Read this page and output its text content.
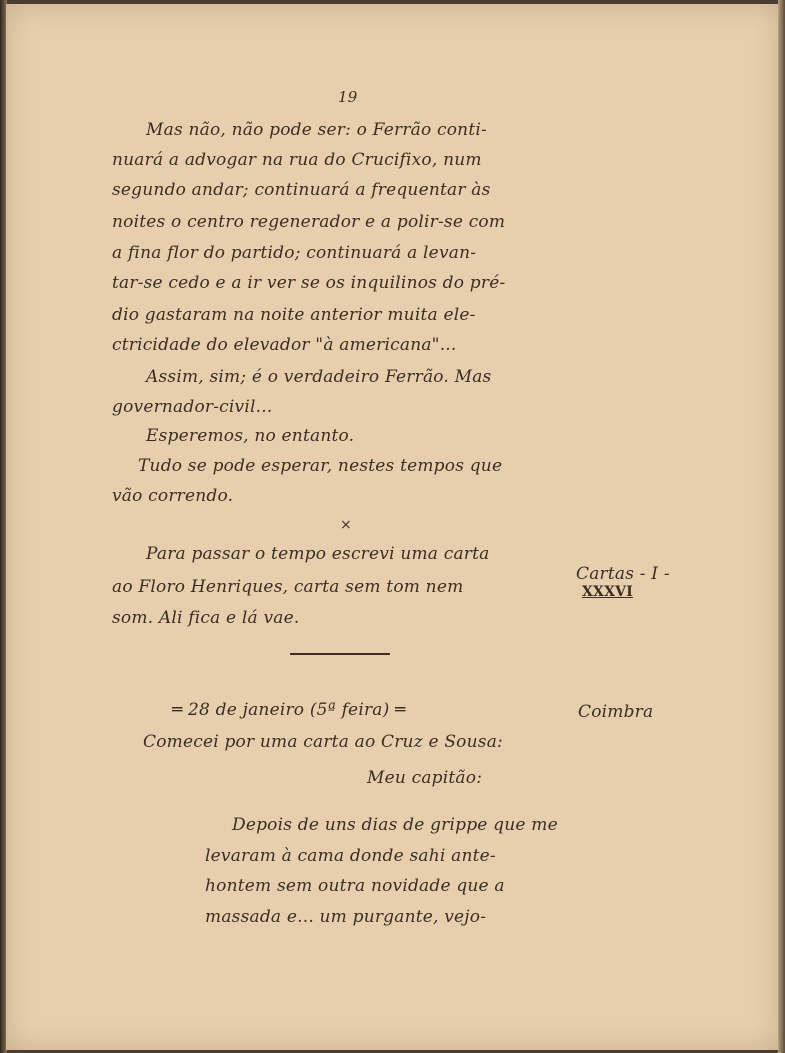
19
Mas não, não pode ser: o Ferrão conti-
nuará a advogar na rua do Crucifixo, num
segundo andar; continuará a frequentar às
noites o centro regenerador e a polir-se com
a fina flor do partido; continuará a levan-
tar-se cedo e a ir ver se os inquilinos do pré-
dio gastaram na noite anterior muita ele-
ctricidade do elevador "à americana"...
Assim, sim; é o verdadeiro Ferrão. Mas
governador-civil...
Esperemos, no entanto.
Tudo se pode esperar, nestes tempos que
vão correndo.
×
Para passar o tempo escrevi uma carta
ao Floro Henriques, carta sem tom nem
som. Ali fica e lá vae.
Cartas - I -
XXXVI
═ 28 de janeiro (5ª feira) ═	Coimbra
Comecei por uma carta ao Cruz e Sousa:
Meu capitão:
Depois de uns dias de grippe que me
levaram à cama donde sahi ante-
hontem sem outra novidade que a
massada e... um purgante, vejo-
